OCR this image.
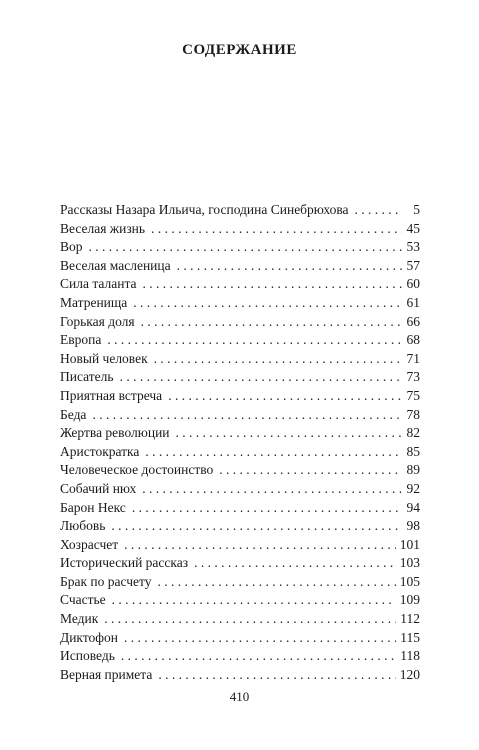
СОДЕРЖАНИЕ
Рассказы Назара Ильича, господина Синебрюхова . . .	5
Веселая жизнь . . .	45
Вор . . .	53
Веселая масленица . . .	57
Сила таланта . . .	60
Матренища . . .	61
Горькая доля . . .	66
Европа . . .	68
Новый человек . . .	71
Писатель . . .	73
Приятная встреча . . .	75
Беда . . .	78
Жертва революции . . .	82
Аристократка . . .	85
Человеческое достоинство . . .	89
Собачий нюх . . .	92
Барон Некс . . .	94
Любовь . . .	98
Хозрасчет . . .	101
Исторический рассказ . . .	103
Брак по расчету . . .	105
Счастье . . .	109
Медик . . .	112
Диктофон . . .	115
Исповедь . . .	118
Верная примета . . .	120
410
